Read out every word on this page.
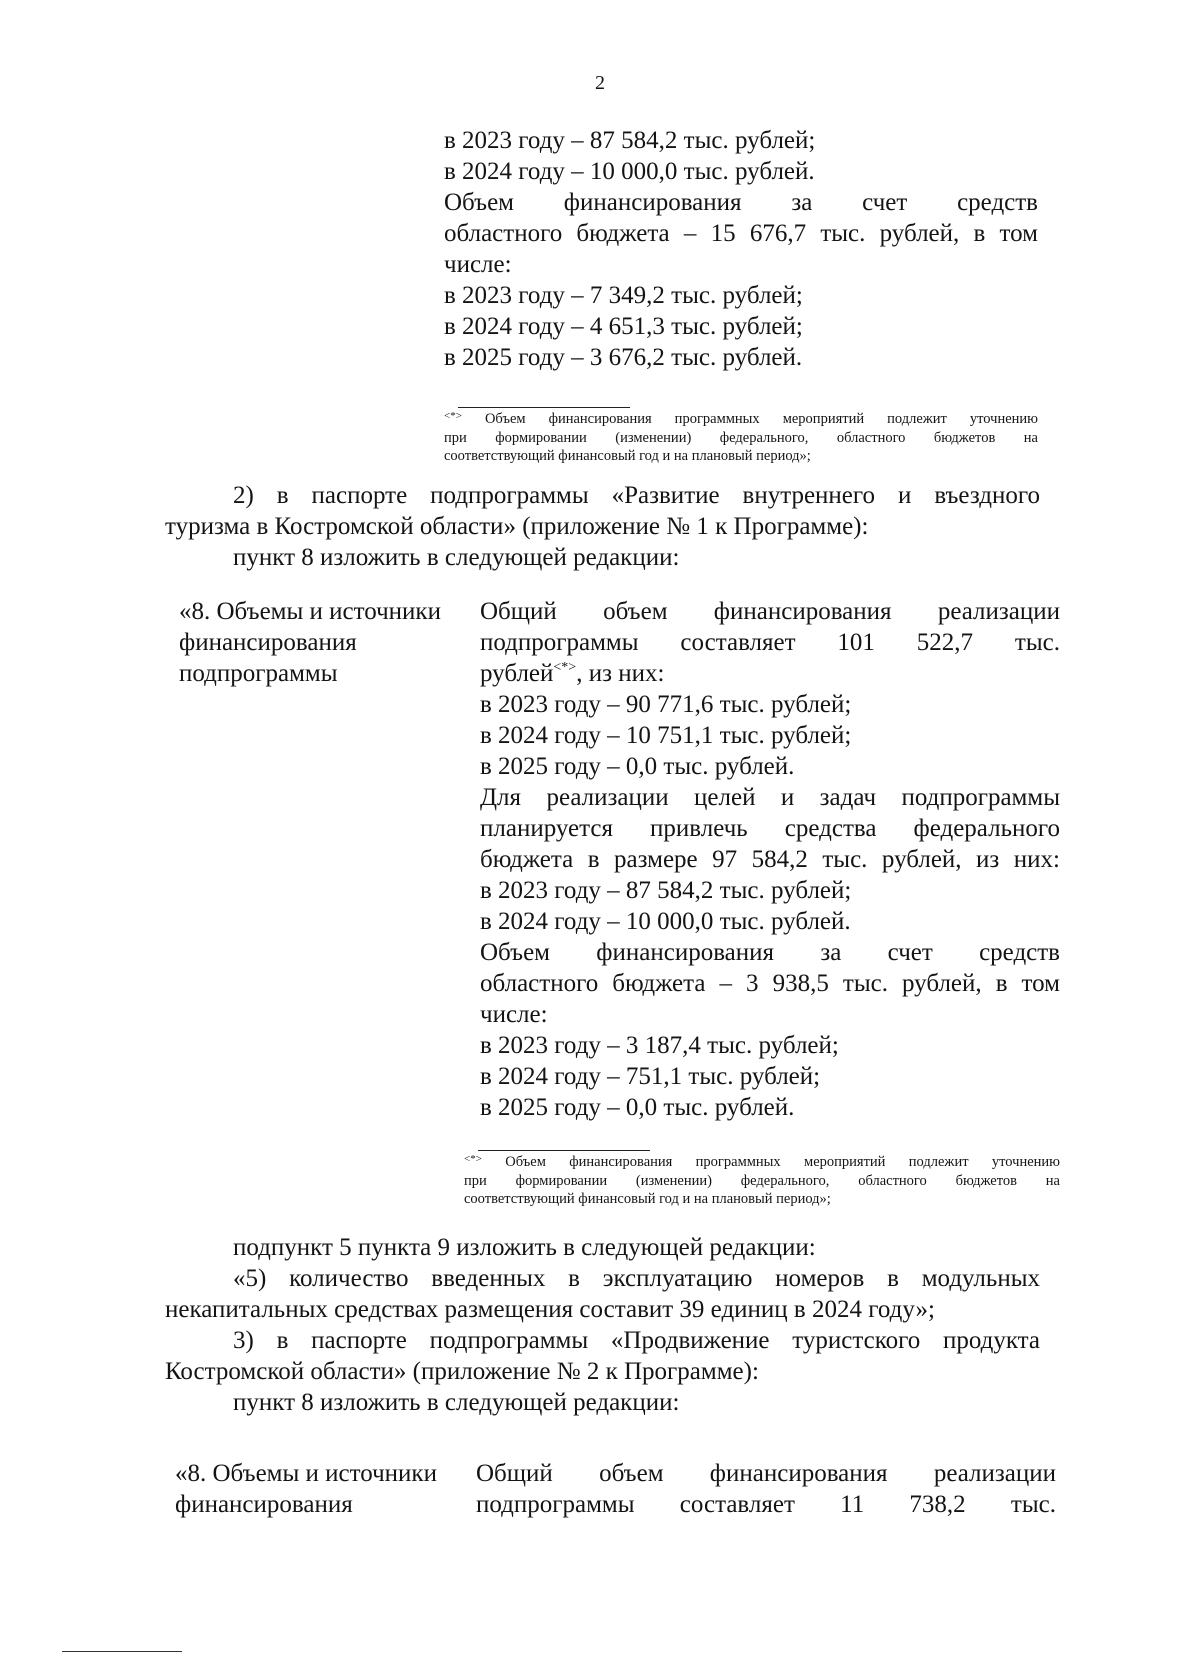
2
в 2023 году – 87 584,2 тыс. рублей;
в 2024 году – 10 000,0 тыс. рублей.
Объем финансирования за счет средств
областного бюджета – 15 676,7 тыс. рублей, в том
числе:
в 2023 году – 7 349,2 тыс. рублей;
в 2024 году – 4 651,3 тыс. рублей;
в 2025 году – 3 676,2 тыс. рублей.
<*> Объем финансирования программных мероприятий подлежит уточнению
при формировании (изменении) федерального, областного бюджетов на
соответствующий финансовый год и на плановый период»;
2) в паспорте подпрограммы «Развитие внутреннего и въездного
туризма в Костромской области» (приложение № 1 к Программе):
пункт 8 изложить в следующей редакции:
«8. Объемы и источники
финансирования
подпрограммы
Общий объем финансирования реализации
подпрограммы составляет 101 522,7 тыс.
рублей<*>, из них:
в 2023 году – 90 771,6 тыс. рублей;
в 2024 году – 10 751,1 тыс. рублей;
в 2025 году – 0,0 тыс. рублей.
Для реализации целей и задач подпрограммы
планируется привлечь средства федерального
бюджета в размере 97 584,2 тыс. рублей, из них:
в 2023 году – 87 584,2 тыс. рублей;
в 2024 году – 10 000,0 тыс. рублей.
Объем финансирования за счет средств
областного бюджета – 3 938,5 тыс. рублей, в том
числе:
в 2023 году – 3 187,4 тыс. рублей;
в 2024 году – 751,1 тыс. рублей;
в 2025 году – 0,0 тыс. рублей.
<*> Объем финансирования программных мероприятий подлежит уточнению
при формировании (изменении) федерального, областного бюджетов на
соответствующий финансовый год и на плановый период»;
подпункт 5 пункта 9 изложить в следующей редакции:
«5) количество введенных в эксплуатацию номеров в модульных
некапитальных средствах размещения составит 39 единиц в 2024 году»;
3) в паспорте подпрограммы «Продвижение туристского продукта
Костромской области» (приложение № 2 к Программе):
пункт 8 изложить в следующей редакции:
«8. Объемы и источники
финансирования
Общий объем финансирования реализации
подпрограммы составляет 11 738,2 тыс.
